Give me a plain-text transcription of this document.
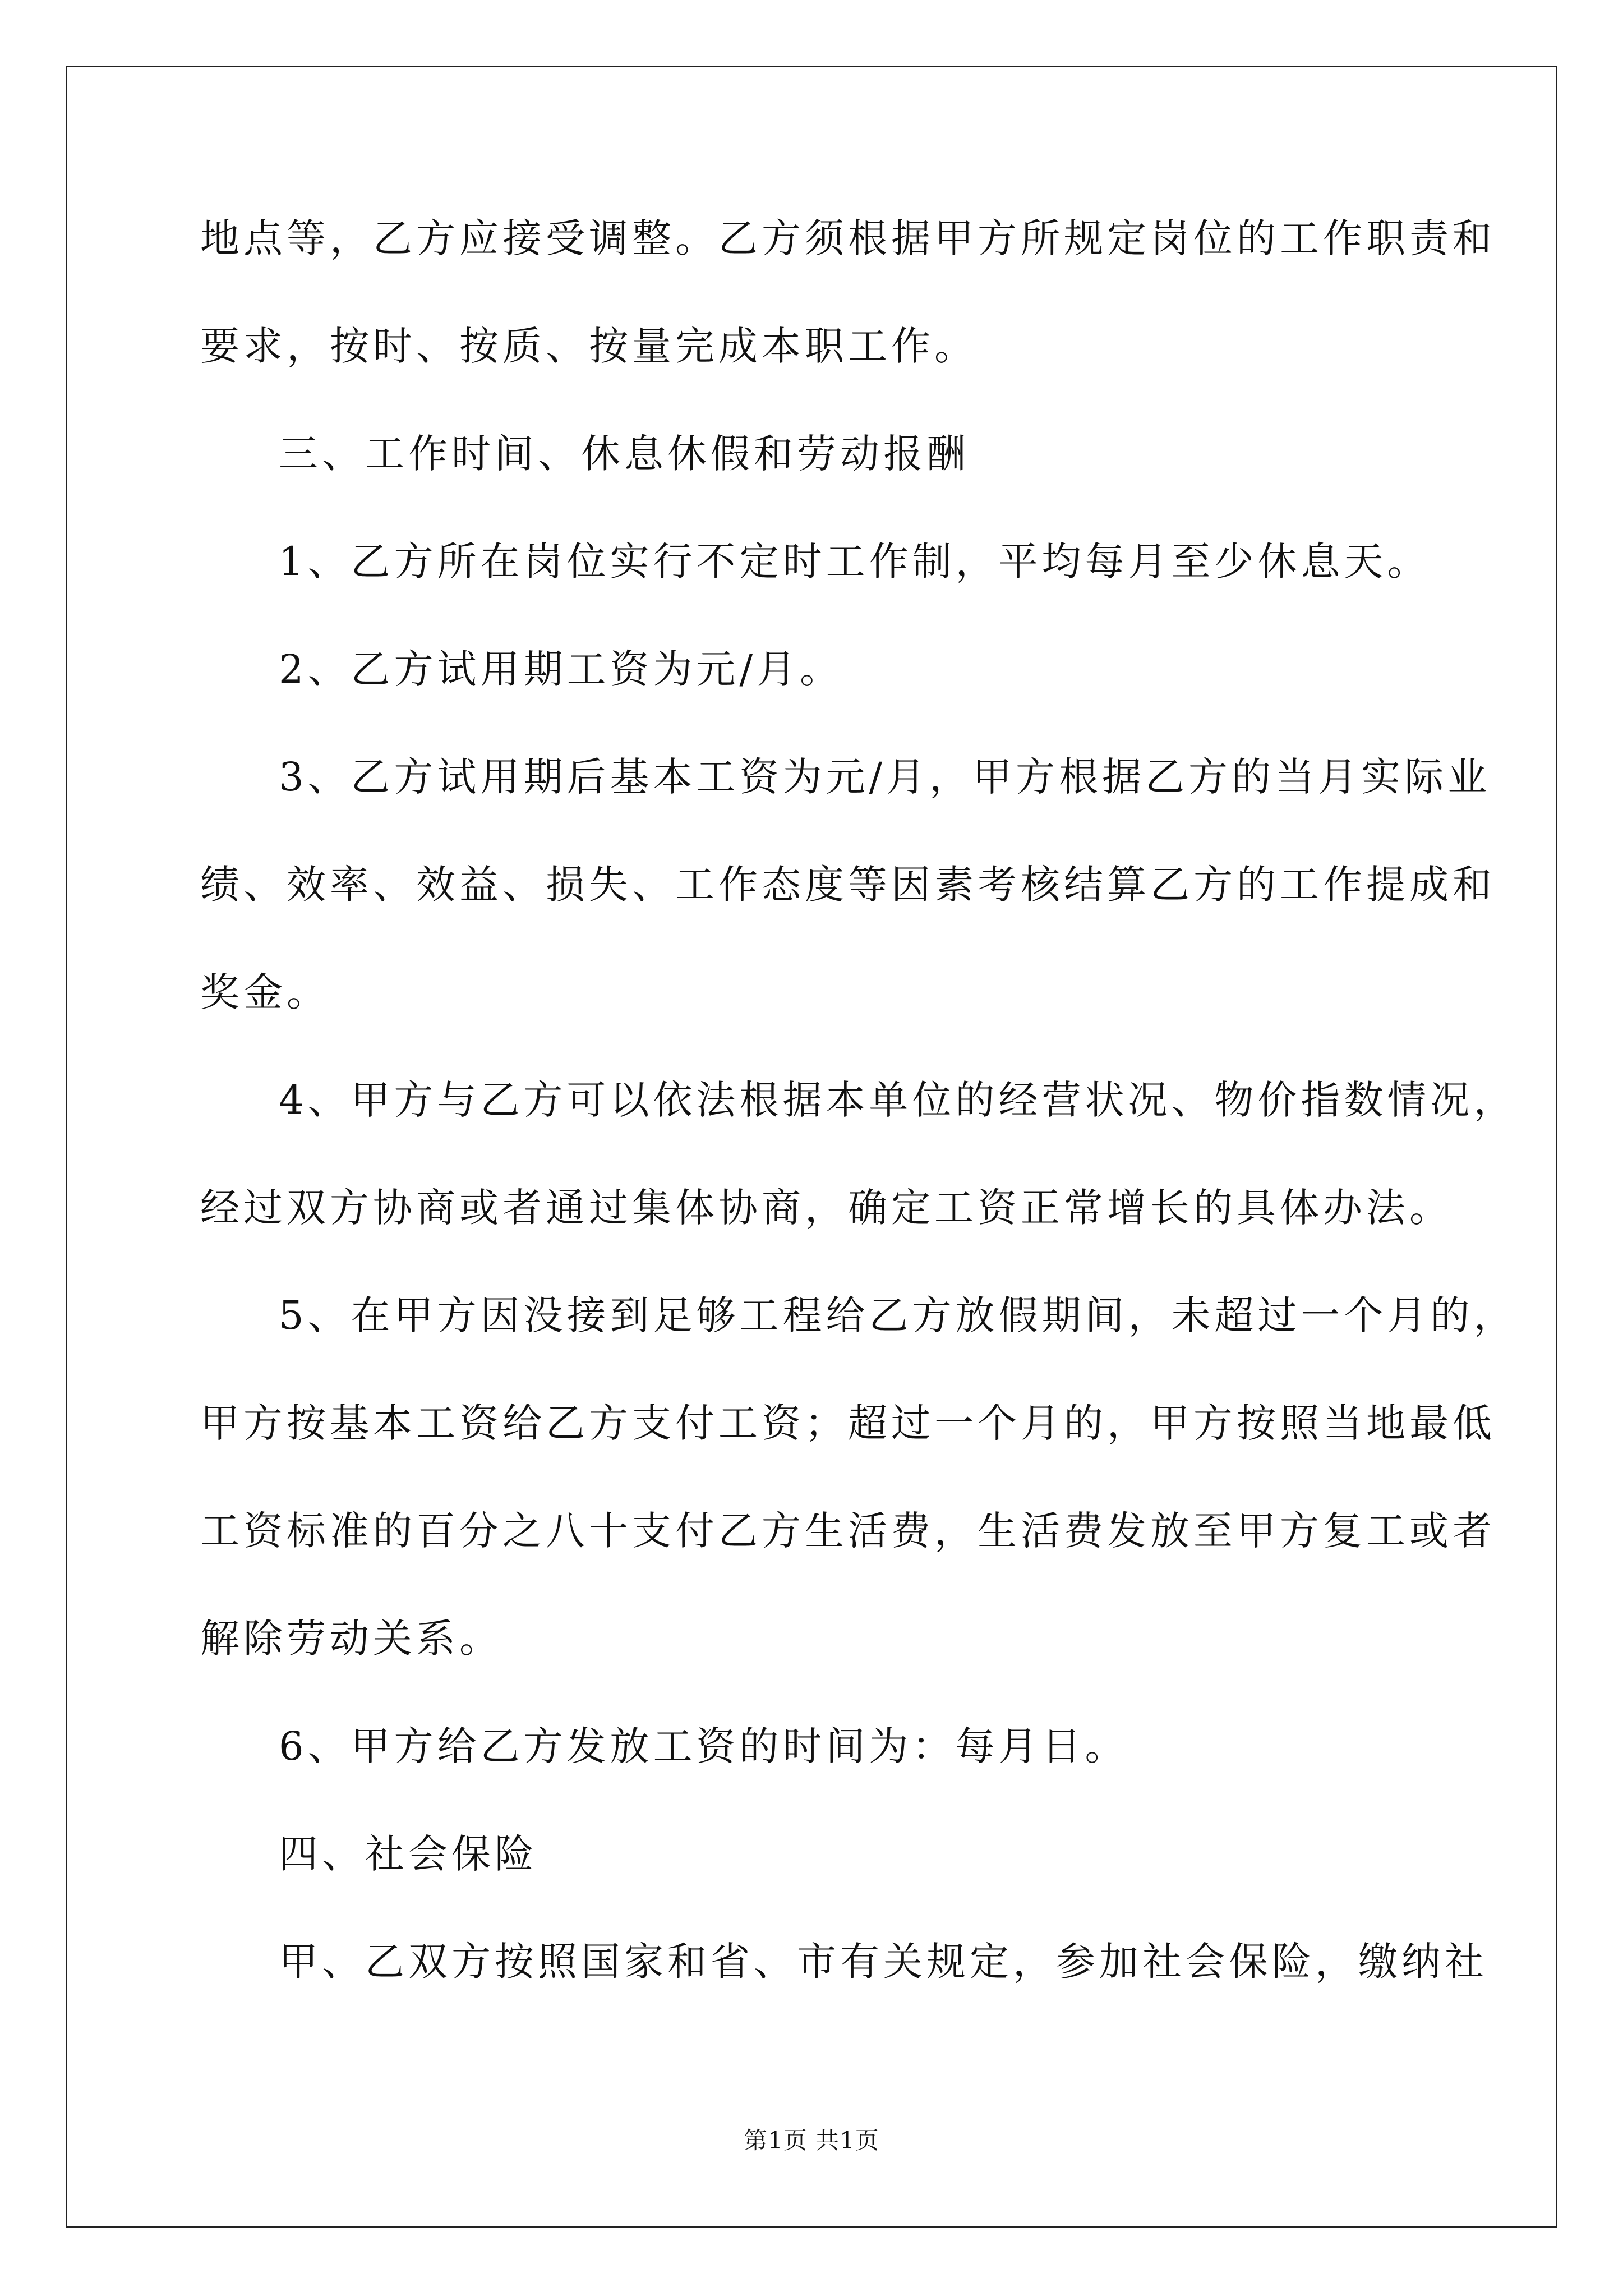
地点等，乙方应接受调整。乙方须根据甲方所规定岗位的工作职责和
要求，按时、按质、按量完成本职工作。
三、工作时间、休息休假和劳动报酬
1、乙方所在岗位实行不定时工作制，平均每月至少休息天。
2、乙方试用期工资为元/月。
3、乙方试用期后基本工资为元/月，甲方根据乙方的当月实际业
绩、效率、效益、损失、工作态度等因素考核结算乙方的工作提成和
奖金。
4、甲方与乙方可以依法根据本单位的经营状况、物价指数情况，
经过双方协商或者通过集体协商，确定工资正常增长的具体办法。
5、在甲方因没接到足够工程给乙方放假期间，未超过一个月的，
甲方按基本工资给乙方支付工资；超过一个月的，甲方按照当地最低
工资标准的百分之八十支付乙方生活费，生活费发放至甲方复工或者
解除劳动关系。
6、甲方给乙方发放工资的时间为：每月日。
四、社会保险
甲、乙双方按照国家和省、市有关规定，参加社会保险，缴纳社
第1页 共1页
